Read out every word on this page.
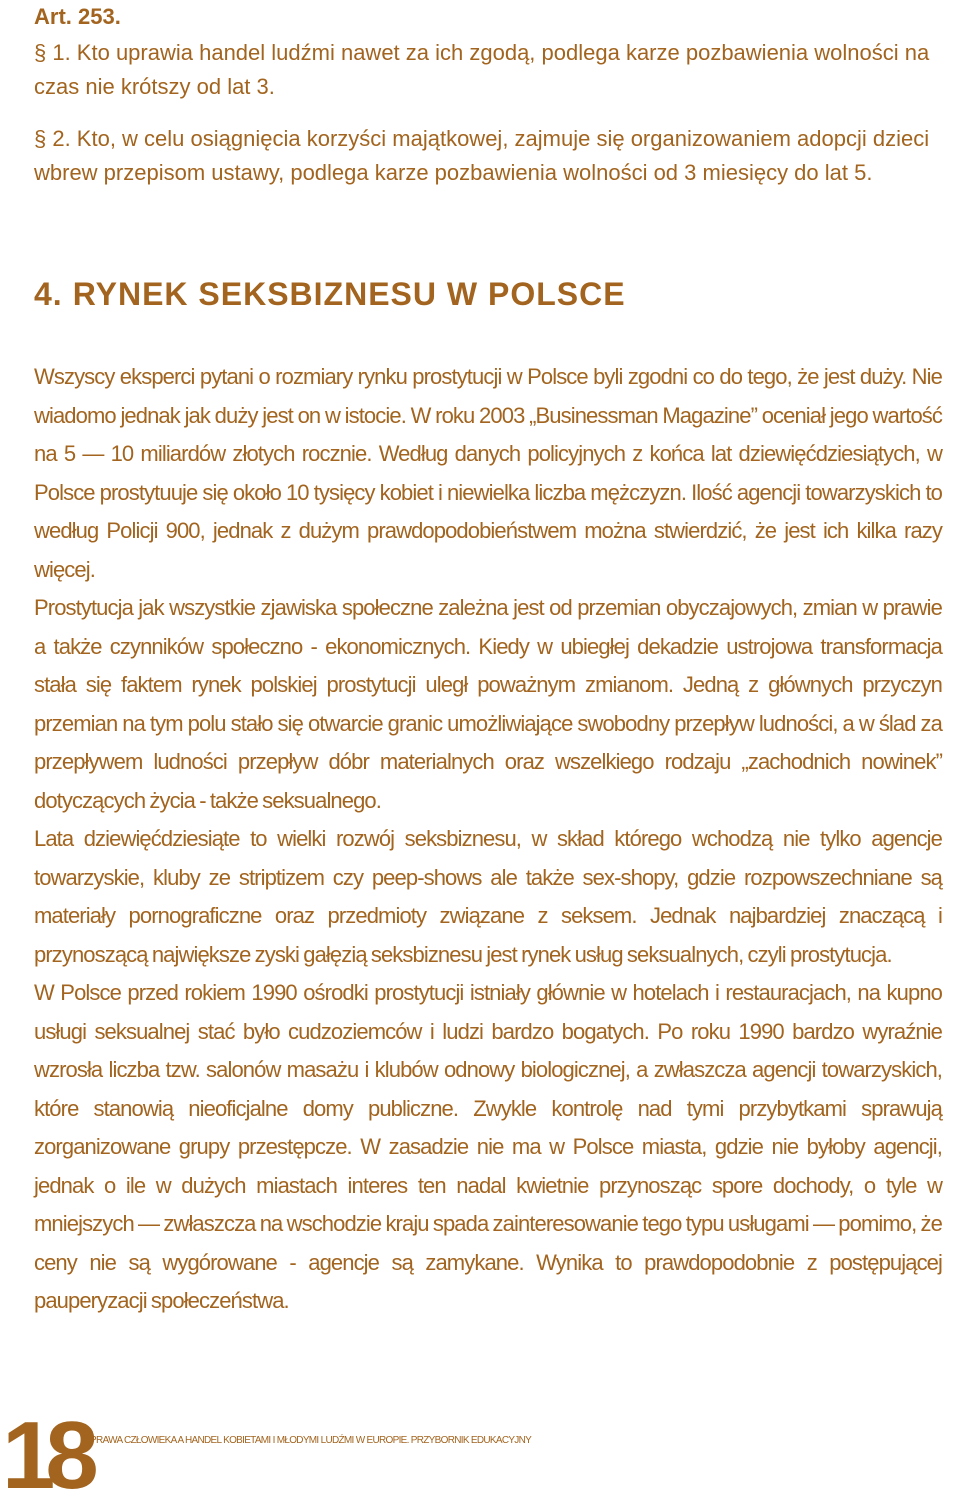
Art. 253.
§ 1. Kto uprawia handel ludźmi nawet za ich zgodą, podlega karze pozbawienia wolności na czas nie krótszy od lat 3.
§ 2. Kto, w celu osiągnięcia korzyści majątkowej, zajmuje się organizowaniem adopcji dzieci wbrew przepisom ustawy, podlega karze pozbawienia wolności od 3 miesięcy do lat 5.
4. RYNEK SEKSBIZNESU W POLSCE

Wszyscy eksperci pytani o rozmiary rynku prostytucji w Polsce byli zgodni co do tego, że jest duży. Nie wiadomo jednak jak duży jest on w istocie. W roku 2003 „Businessman Magazine” oceniał jego wartość na 5 — 10 miliardów złotych rocznie. Według danych policyjnych z końca lat dziewięćdziesiątych, w Polsce prostytuuje się około 10 tysięcy kobiet i niewielka liczba mężczyzn. Ilość agencji towarzyskich to według Policji 900, jednak z dużym prawdopodobieństwem można stwierdzić, że jest ich kilka razy więcej.

Prostytucja jak wszystkie zjawiska społeczne zależna jest od przemian obyczajowych, zmian w prawie a także czynników społeczno - ekonomicznych. Kiedy w ubiegłej dekadzie ustrojowa transformacja stała się faktem rynek polskiej prostytucji uległ poważnym zmianom. Jedną z głównych przyczyn przemian na tym polu stało się otwarcie granic umożliwiające swobodny przepływ ludności, a w ślad za przepływem ludności przepływ dóbr materialnych oraz wszelkiego rodzaju „zachodnich nowinek” dotyczących życia - także seksualnego.

Lata dziewięćdziesiąte to wielki rozwój seksbiznesu, w skład którego wchodzą nie tylko agencje towarzyskie, kluby ze striptizem czy peep-shows ale także sex-shopy, gdzie rozpowszechniane są materiały pornograficzne oraz przedmioty związane z seksem. Jednak najbardziej znaczącą i przynoszącą największe zyski gałęzią seksbiznesu jest rynek usług seksualnych, czyli prostytucja.

W Polsce przed rokiem 1990 ośrodki prostytucji istniały głównie w hotelach i restauracjach, na kupno usługi seksualnej stać było cudzoziemców i ludzi bardzo bogatych. Po roku 1990 bardzo wyraźnie wzrosła liczba tzw. salonów masażu i klubów odnowy biologicznej, a zwłaszcza agencji towarzyskich, które stanowią nieoficjalne domy publiczne. Zwykle kontrolę nad tymi przybytkami sprawują zorganizowane grupy przestępcze. W zasadzie nie ma w Polsce miasta, gdzie nie byłoby agencji, jednak o ile w dużych miastach interes ten nadal kwietnie przynosząc spore dochody, o tyle w mniejszych — zwłaszcza na wschodzie kraju spada zainteresowanie tego typu usługami — pomimo, że ceny nie są wygórowane - agencje są zamykane. Wynika to prawdopodobnie z postępującej pauperyzacji społeczeństwa.

18 PRAWA CZŁOWIEKA A HANDEL KOBIETAMI I MŁODYMI LUDŹMI W EUROPIE. PRZYBORNIK EDUKACYJNY
